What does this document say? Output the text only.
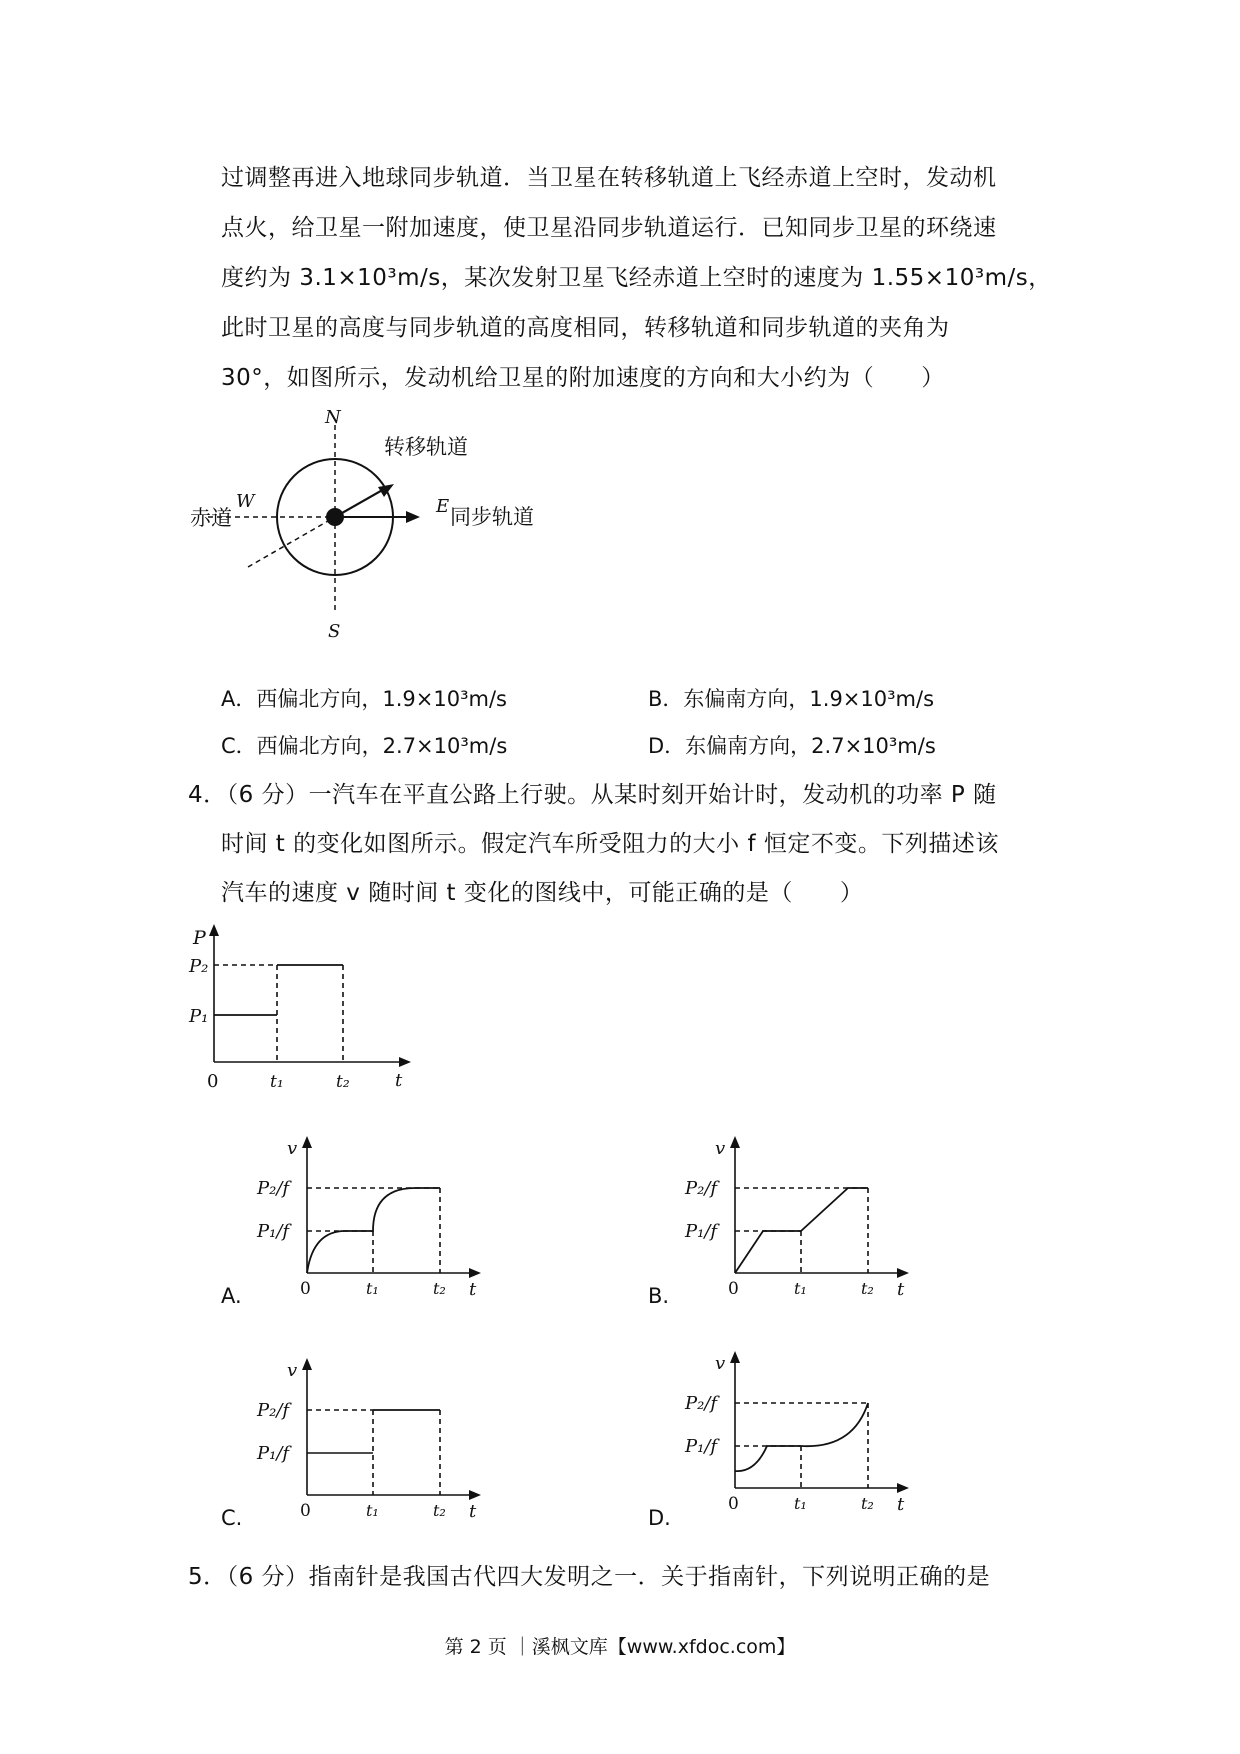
过调整再进入地球同步轨道．当卫星在转移轨道上飞经赤道上空时，发动机
点火，给卫星一附加速度，使卫星沿同步轨道运行．已知同步卫星的环绕速
度约为 3.1×10³m/s，某次发射卫星飞经赤道上空时的速度为 1.55×10³m/s，
此时卫星的高度与同步轨道的高度相同，转移轨道和同步轨道的夹角为
30°，如图所示，发动机给卫星的附加速度的方向和大小约为（　　）
N
S
W	E
转移轨道
赤道	同步轨道
A．西偏北方向，1.9×10³m/s	B．东偏南方向，1.9×10³m/s
C．西偏北方向，2.7×10³m/s	D．东偏南方向，2.7×10³m/s
4．（6 分）一汽车在平直公路上行驶。从某时刻开始计时，发动机的功率 P 随
时间 t 的变化如图所示。假定汽车所受阻力的大小 f 恒定不变。下列描述该
汽车的速度 v 随时间 t 变化的图线中，可能正确的是（　　）
P
P₂
P₁
0	t₁	t₂	t
A.
v
P₂/f
P₁/f
0	t₁	t₂ t	B.
v
P₂/f
P₁/f
0	t₁	t₂ t
C.
v
P₂/f
P₁/f
0	t₁	t₂ t	D.
v
P₂/f
P₁/f
0	t₁	t₂ t
5．（6 分）指南针是我国古代四大发明之一．关于指南针，下列说明正确的是
第 2 页 ｜溪枫文库【www.xfdoc.com】
